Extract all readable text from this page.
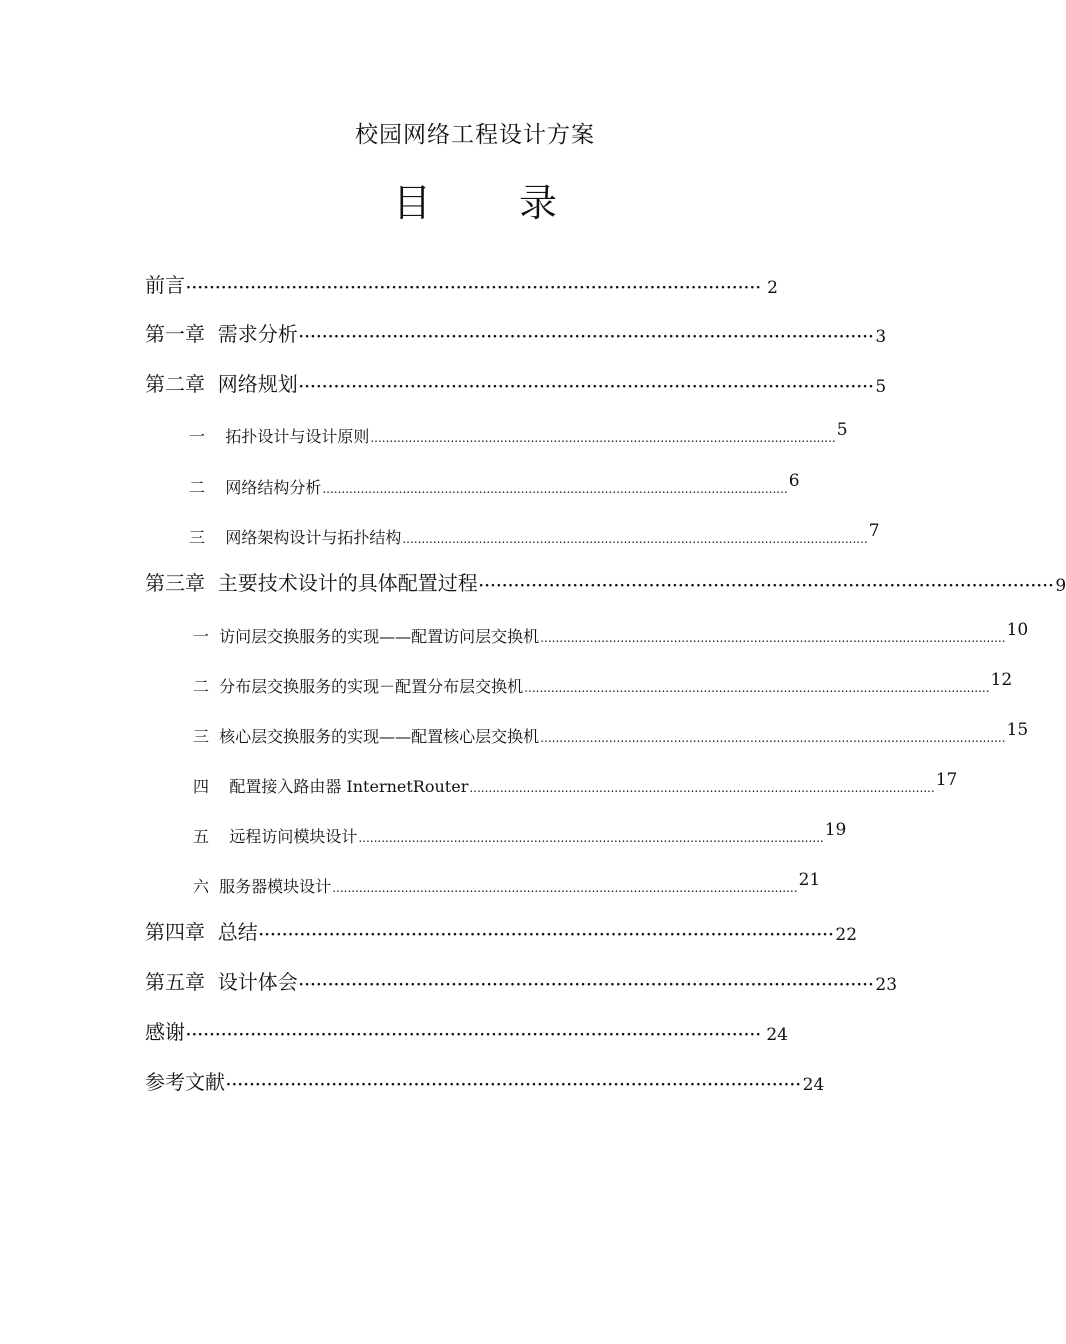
校园网络工程设计方案
目 录
前言 ·································································································· 2
第一章  需求分析 ·································································································· 3
第二章  网络规划 ·································································································· 5
一    拓扑设计与设计原则 .......................................................................................................................... 5
二    网络结构分析 .......................................................................................................................... 6
三    网络架构设计与拓扑结构 .......................................................................................................................... 7
第三章  主要技术设计的具体配置过程 ·································································································· 9
一  访问层交换服务的实现——配置访问层交换机 .......................................................................................................................... 10
二  分布层交换服务的实现－配置分布层交换机 .......................................................................................................................... 12
三  核心层交换服务的实现——配置核心层交换机 .......................................................................................................................... 15
四    配置接入路由器 InternetRouter .......................................................................................................................... 17
五    远程访问模块设计 .......................................................................................................................... 19
六  服务器模块设计 .......................................................................................................................... 21
第四章  总结 ·································································································· 22
第五章  设计体会 ·································································································· 23
感谢 ·································································································· 24
参考文献 ·································································································· 24
